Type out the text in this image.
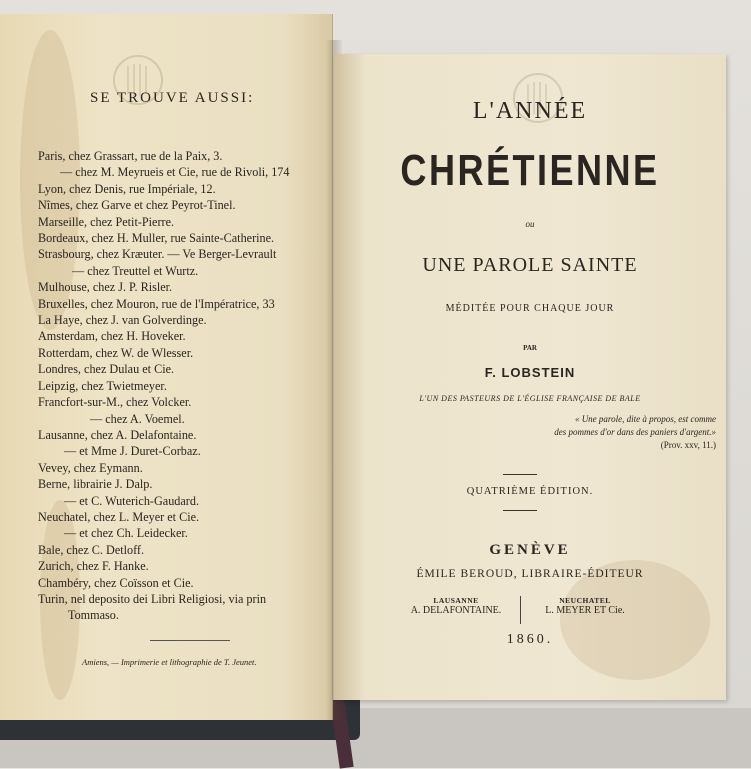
SE TROUVE AUSSI:
Paris, chez Grassart, rue de la Paix, 3.
— chez M. Meyrueis et Cie, rue de Rivoli, 174
Lyon, chez Denis, rue Impériale, 12.
Nîmes, chez Garve et chez Peyrot-Tinel.
Marseille, chez Petit-Pierre.
Bordeaux, chez H. Muller, rue Sainte-Catherine.
Strasbourg, chez Kræuter. — Ve Berger-Levrault
— chez Treuttel et Wurtz.
Mulhouse, chez J. P. Risler.
Bruxelles, chez Mouron, rue de l'Impératrice, 33
La Haye, chez J. van Golverdinge.
Amsterdam, chez H. Hoveker.
Rotterdam, chez W. de Wlesser.
Londres, chez Dulau et Cie.
Leipzig, chez Twietmeyer.
Francfort-sur-M., chez Volcker.
— chez A. Voemel.
Lausanne, chez A. Delafontaine.
— et Mme J. Duret-Corbaz.
Vevey, chez Eymann.
Berne, librairie J. Dalp.
— et C. Wuterich-Gaudard.
Neuchatel, chez L. Meyer et Cie.
— et chez Ch. Leidecker.
Bale, chez C. Detloff.
Zurich, chez F. Hanke.
Chambéry, chez Coïsson et Cie.
Turin, nel deposito dei Libri Religiosi, via prin
Tommaso.
Amiens, — Imprimerie et lithographie de T. Jeunet.
L'ANNÉE
CHRÉTIENNE
ou
UNE PAROLE SAINTE
MÉDITÉE POUR CHAQUE JOUR
PAR
F. LOBSTEIN
L'UN DES PASTEURS DE L'ÉGLISE FRANÇAISE DE BALE
« Une parole, dite à propos, est comme
des pommes d'or dans des paniers d'argent.»
(Prov. xxv, 11.)
QUATRIÈME ÉDITION.
GENÈVE
ÉMILE BEROUD, LIBRAIRE-ÉDITEUR
LAUSANNE
A. DELAFONTAINE.
NEUCHATEL
L. MEYER ET Cie.
1860.
